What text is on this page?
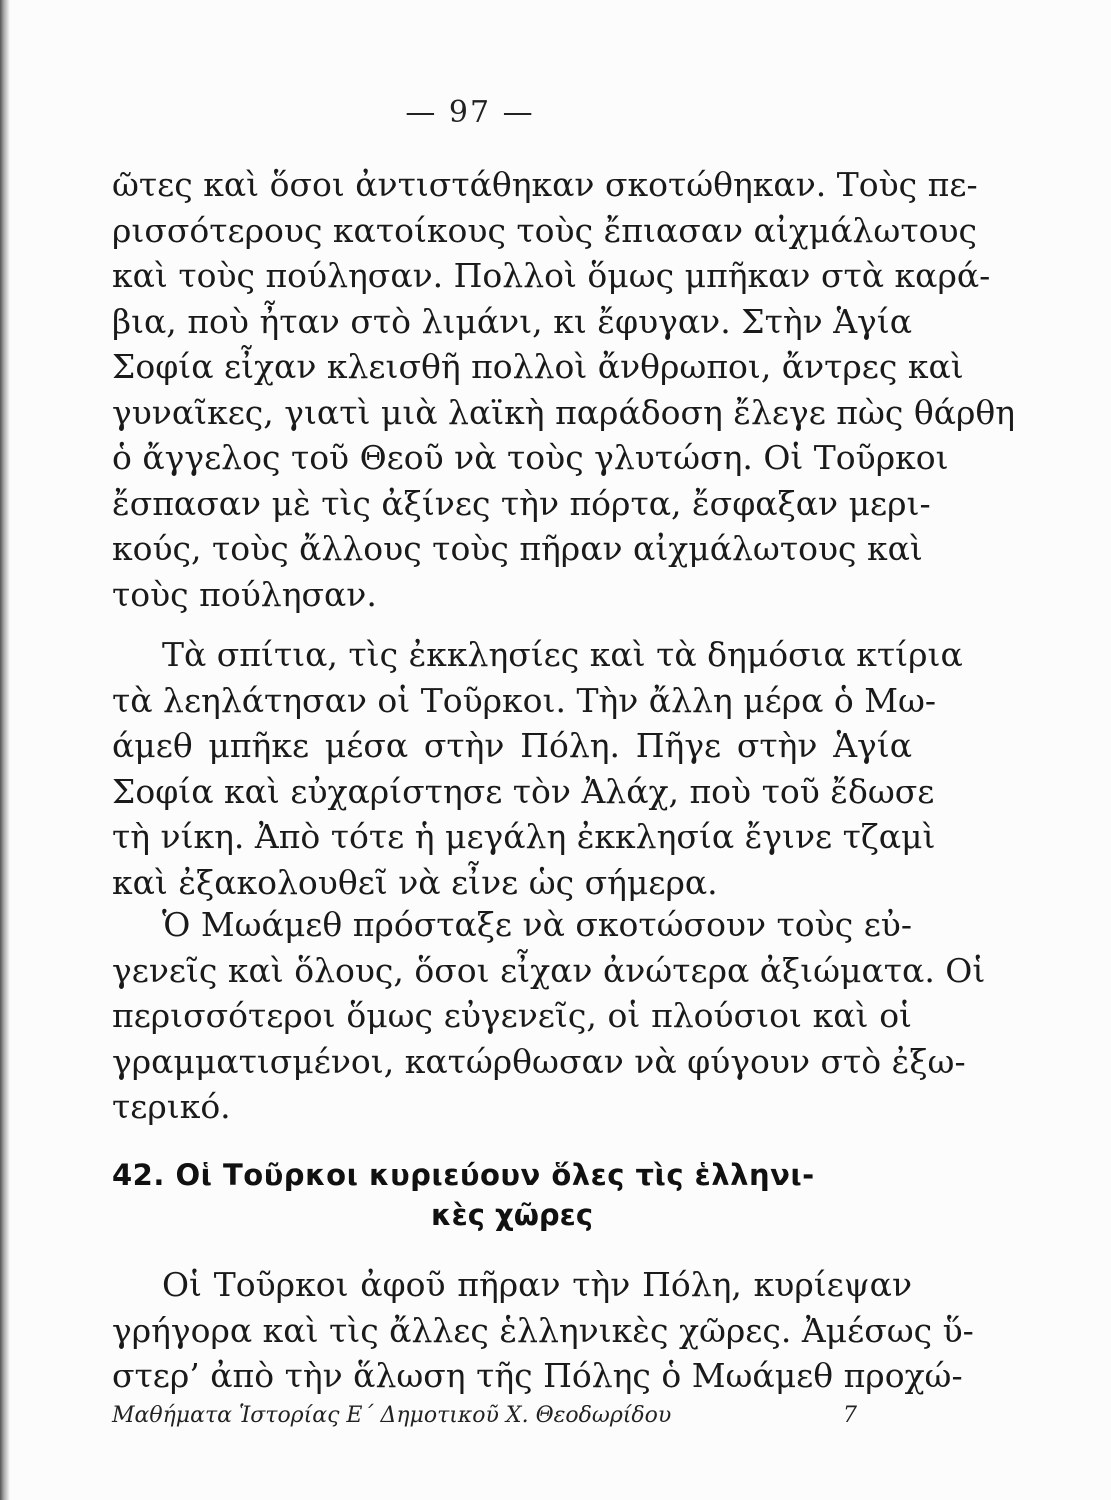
— 97 —
ῶτες καὶ ὅσοι ἀντιστάθηκαν σκοτώθηκαν. Τοὺς πε-
ρισσότερους κατοίκους τοὺς ἔπιασαν αἰχμάλωτους
καὶ τοὺς πούλησαν. Πολλοὶ ὅμως μπῆκαν στὰ καρά-
βια, ποὺ ἦταν στὸ λιμάνι, κι ἔφυγαν. Στὴν Ἁγία
Σοφία εἶχαν κλεισθῆ πολλοὶ ἄνθρωποι, ἄντρες καὶ
γυναῖκες, γιατὶ μιὰ λαϊκὴ παράδοση ἔλεγε πὼς θάρθη
ὁ ἄγγελος τοῦ Θεοῦ νὰ τοὺς γλυτώση. Οἱ Τοῦρκοι
ἔσπασαν μὲ τὶς ἀξίνες τὴν πόρτα, ἔσφαξαν μερι-
κούς, τοὺς ἄλλους τοὺς πῆραν αἰχμάλωτους καὶ
τοὺς πούλησαν.
Τὰ σπίτια, τὶς ἐκκλησίες καὶ τὰ δημόσια κτίρια
τὰ λεηλάτησαν οἱ Τοῦρκοι. Τὴν ἄλλη μέρα ὁ Μω-
άμεθ μπῆκε μέσα στὴν Πόλη. Πῆγε στὴν Ἁγία
Σοφία καὶ εὐχαρίστησε τὸν Ἀλάχ, ποὺ τοῦ ἔδωσε
τὴ νίκη. Ἀπὸ τότε ἡ μεγάλη ἐκκλησία ἔγινε τζαμὶ
καὶ ἐξακολουθεῖ νὰ εἶνε ὡς σήμερα.
Ὁ Μωάμεθ πρόσταξε νὰ σκοτώσουν τοὺς εὐ-
γενεῖς καὶ ὅλους, ὅσοι εἶχαν ἀνώτερα ἀξιώματα. Οἱ
περισσότεροι ὅμως εὐγενεῖς, οἱ πλούσιοι καὶ οἱ
γραμματισμένοι, κατώρθωσαν νὰ φύγουν στὸ ἐξω-
τερικό.
42. Οἱ Τοῦρκοι κυριεύουν ὅλες τὶς ἑλληνι-
κὲς χῶρες
Οἱ Τοῦρκοι ἀφοῦ πῆραν τὴν Πόλη, κυρίεψαν
γρήγορα καὶ τὶς ἄλλες ἑλληνικὲς χῶρες. Ἀμέσως ὕ-
στερ’ ἀπὸ τὴν ἅλωση τῆς Πόλης ὁ Μωάμεθ προχώ-
Μαθήματα Ἱστορίας Ε΄ Δημοτικοῦ Χ. Θεοδωρίδου	7
